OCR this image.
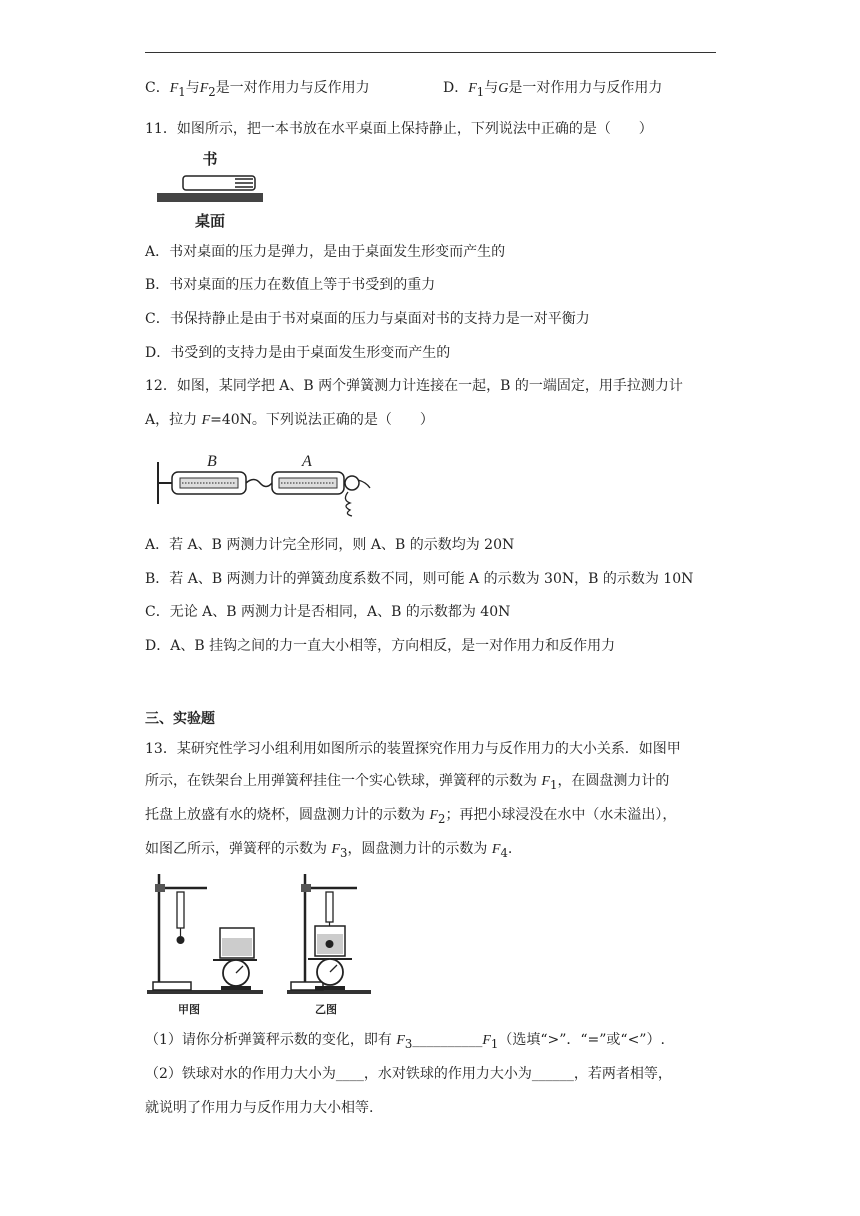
C．$F_1$与$F_2$是一对作用力与反作用力	D．$F_1$与G是一对作用力与反作用力
11．如图所示，把一本书放在水平桌面上保持静止，下列说法中正确的是（　　）
书
桌面
A．书对桌面的压力是弹力，是由于桌面发生形变而产生的
B．书对桌面的压力在数值上等于书受到的重力
C．书保持静止是由于书对桌面的压力与桌面对书的支持力是一对平衡力
D．书受到的支持力是由于桌面发生形变而产生的
12．如图，某同学把 A、B 两个弹簧测力计连接在一起，B 的一端固定，用手拉测力计
A，拉力 F=40N。下列说法正确的是（　　）
B	A
A．若 A、B 两测力计完全形同，则 A、B 的示数均为 20N
B．若 A、B 两测力计的弹簧劲度系数不同，则可能 A 的示数为 30N，B 的示数为 10N
C．无论 A、B 两测力计是否相同，A、B 的示数都为 40N
D．A、B 挂钩之间的力一直大小相等，方向相反，是一对作用力和反作用力
三、实验题
13．某研究性学习小组利用如图所示的装置探究作用力与反作用力的大小关系．如图甲
所示，在铁架台上用弹簧秤挂住一个实心铁球，弹簧秤的示数为 $F_1$，在圆盘测力计的
托盘上放盛有水的烧杯，圆盘测力计的示数为 $F_2$；再把小球浸没在水中（水未溢出），
如图乙所示，弹簧秤的示数为 $F_3$，圆盘测力计的示数为 $F_4$.
甲图	乙图
（1）请你分析弹簧秤示数的变化，即有 $F_3\_\_\_\_\_\_\_\_\_\_F_1$（选填“>”．“=”或“<”）.
（2）铁球对水的作用力大小为____，水对铁球的作用力大小为______，若两者相等，
就说明了作用力与反作用力大小相等.
